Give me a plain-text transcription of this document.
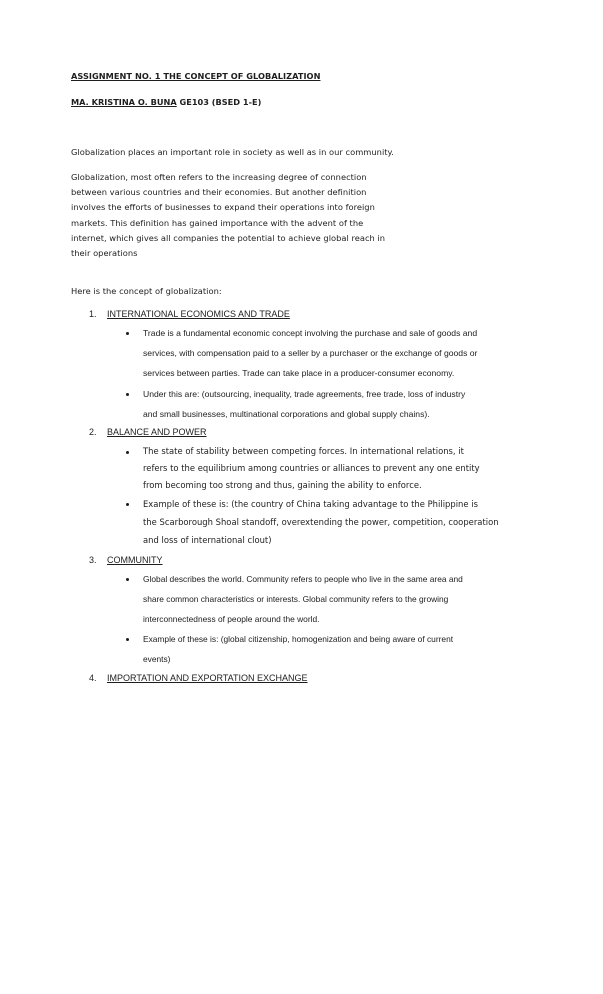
ASSIGNMENT NO. 1 THE CONCEPT OF GLOBALIZATION
MA. KRISTINA O. BUNA GE103 (BSED 1-E)
Globalization places an important role in society as well as in our community.
Globalization, most often refers to the increasing degree of connection
between various countries and their economies. But another definition
involves the efforts of businesses to expand their operations into foreign
markets. This definition has gained importance with the advent of the
internet, which gives all companies the potential to achieve global reach in
their operations
Here is the concept of globalization:
1. INTERNATIONAL ECONOMICS AND TRADE
Trade is a fundamental economic concept involving the purchase and sale of goods and
services, with compensation paid to a seller by a purchaser or the exchange of goods or
services between parties. Trade can take place in a producer-consumer economy.
Under this are: (outsourcing, inequality, trade agreements, free trade, loss of industry
and small businesses, multinational corporations and global supply chains).
2. BALANCE AND POWER
The state of stability between competing forces. In international relations, it
refers to the equilibrium among countries or alliances to prevent any one entity
from becoming too strong and thus, gaining the ability to enforce.
Example of these is: (the country of China taking advantage to the Philippine is
the Scarborough Shoal standoff, overextending the power, competition, cooperation
and loss of international clout)
3. COMMUNITY
Global describes the world. Community refers to people who live in the same area and
share common characteristics or interests. Global community refers to the growing
interconnectedness of people around the world.
Example of these is: (global citizenship, homogenization and being aware of current
events)
4. IMPORTATION AND EXPORTATION EXCHANGE
